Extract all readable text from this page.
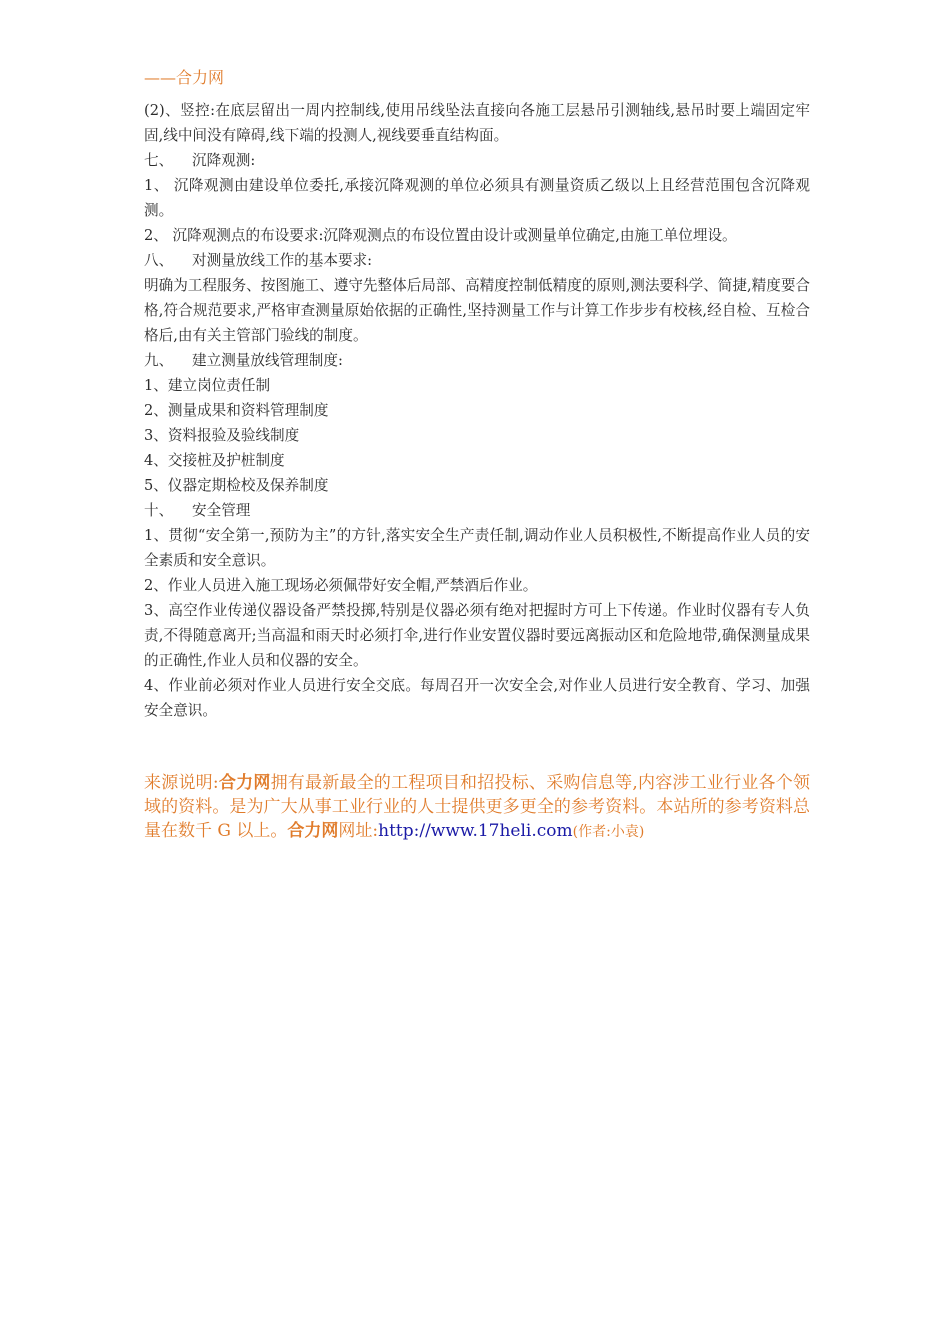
——合力网

(2)、竖控:在底层留出一周内控制线,使用吊线坠法直接向各施工层悬吊引测轴线,悬吊时要上端固定牢固,线中间没有障碍,线下端的投测人,视线要垂直结构面。

七、 沉降观测:

1、 沉降观测由建设单位委托,承接沉降观测的单位必须具有测量资质乙级以上且经营范围包含沉降观测。

2、 沉降观测点的布设要求:沉降观测点的布设位置由设计或测量单位确定,由施工单位埋设。

八、 对测量放线工作的基本要求:

明确为工程服务、按图施工、遵守先整体后局部、高精度控制低精度的原则,测法要科学、简捷,精度要合格,符合规范要求,严格审查测量原始依据的正确性,坚持测量工作与计算工作步步有校核,经自检、互检合格后,由有关主管部门验线的制度。

九、 建立测量放线管理制度:

1、建立岗位责任制

2、测量成果和资料管理制度

3、资料报验及验线制度

4、交接桩及护桩制度

5、仪器定期检校及保养制度

十、 安全管理

1、贯彻“安全第一,预防为主”的方针,落实安全生产责任制,调动作业人员积极性,不断提高作业人员的安全素质和安全意识。

2、作业人员进入施工现场必须佩带好安全帽,严禁酒后作业。

3、高空作业传递仪器设备严禁投掷,特别是仪器必须有绝对把握时方可上下传递。作业时仪器有专人负责,不得随意离开;当高温和雨天时必须打伞,进行作业安置仪器时要远离振动区和危险地带,确保测量成果的正确性,作业人员和仪器的安全。

4、作业前必须对作业人员进行安全交底。每周召开一次安全会,对作业人员进行安全教育、学习、加强安全意识。

来源说明:合力网拥有最新最全的工程项目和招投标、采购信息等,内容涉工业行业各个领域的资料。是为广大从事工业行业的人士提供更多更全的参考资料。本站所的参考资料总量在数千 G 以上。合力网网址:http://www.17heli.com(作者:小袁)
